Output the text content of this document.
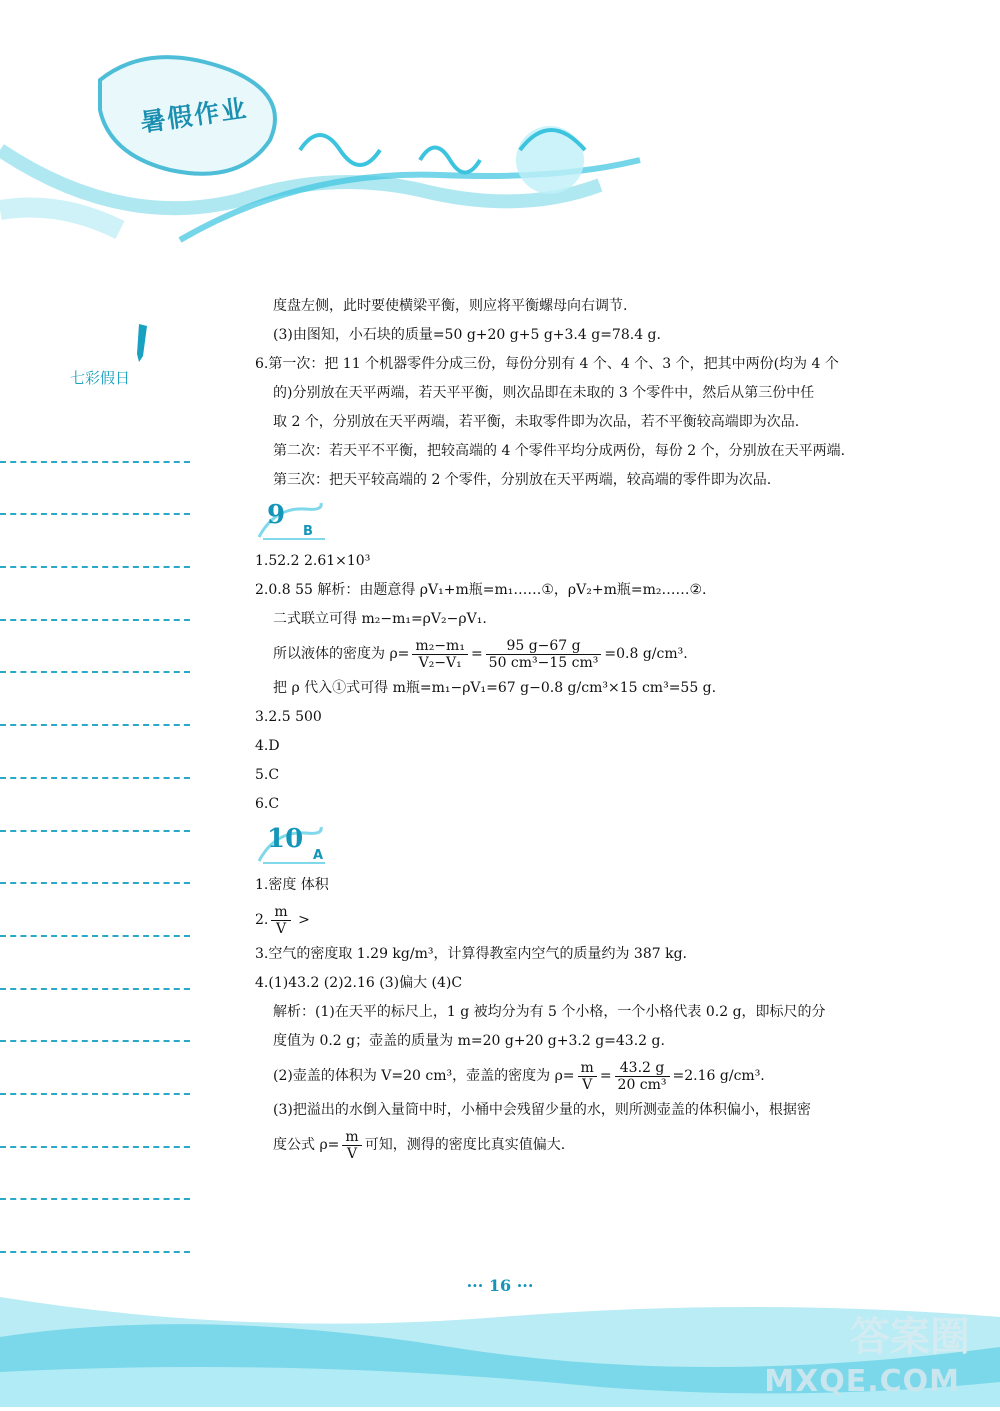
暑假作业
七彩假日
度盘左侧，此时要使横梁平衡，则应将平衡螺母向右调节.
(3)由图知，小石块的质量=50 g+20 g+5 g+3.4 g=78.4 g.
6.第一次：把 11 个机器零件分成三份，每份分别有 4 个、4 个、3 个，把其中两份(均为 4 个
的)分别放在天平两端，若天平平衡，则次品即在未取的 3 个零件中，然后从第三份中任
取 2 个，分别放在天平两端，若平衡，未取零件即为次品，若不平衡较高端即为次品.
第二次：若天平不平衡，把较高端的 4 个零件平均分成两份，每份 2 个，分别放在天平两端.
第三次：把天平较高端的 2 个零件，分别放在天平两端，较高端的零件即为次品.
9
B
1.52.2 2.61×10³
2.0.8 55 解析：由题意得 ρV₁+m瓶=m₁……①，ρV₂+m瓶=m₂……②.
二式联立可得 m₂−m₁=ρV₂−ρV₁.
所以液体的密度为 $\rho= \frac{\text{m₂−m₁}}{\text{V₂−V₁}} = \frac{95 g-67 g}{\text{50 cm³−15 cm³}} =0.8$ g/cm³.
把 ρ 代入①式可得 m瓶=m₁−ρV₁=67 g−0.8 g/cm³×15 cm³=55 g.
3.2.5 500
4.D
5.C
6.C
10
A
1.密度 体积
2. $\frac{m}{V}$ >
3.空气的密度取 1.29 kg/m³，计算得教室内空气的质量约为 387 kg.
4.(1)43.2 (2)2.16 (3)偏大 (4)C
解析：(1)在天平的标尺上，1 g 被均分为有 5 个小格，一个小格代表 0.2 g，即标尺的分
度值为 0.2 g；壶盖的质量为 m=20 g+20 g+3.2 g=43.2 g.
(2)壶盖的体积为 V=20 cm³，壶盖的密度为 $\rho= \frac{m}{V} = \frac{43.2 g}{\text{20 cm³}} =2.16$ g/cm³.
(3)把溢出的水倒入量筒中时，小桶中会残留少量的水，则所测壶盖的体积偏小，根据密
度公式 $\rho= \frac{m}{V}$ 可知，测得的密度比真实值偏大.
··· 16 ···
MXQE.COM
答案圈
